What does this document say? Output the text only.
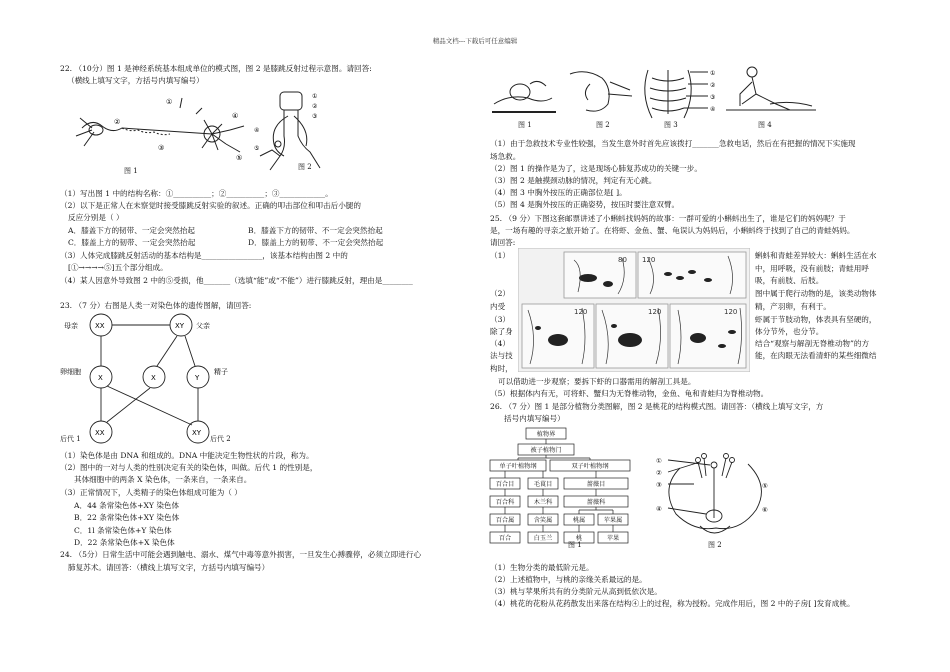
精品文档---下载后可任意编辑
22. （10分）图 1 是神经系统基本组成单位的模式图，图 2 是膝跳反射过程示意图。请回答:
（横线上填写文字，方括号内填写编号）
①
②
③
④
⑤
图 1
①
②
③
④
⑤
图 2
（1）写出图 1 中的结构名称：①__________；②__________；③____________。
（2）以下是正常人在未察觉时接受膝跳反射实验的叙述。正确的叩击部位和叩击后小腿的
反应分别是（ ）
A．膝盖下方的韧带、一定会突然抬起	B．膝盖下方的韧带、不一定会突然抬起
C．膝盖上方的韧带、一定会突然抬起	D．膝盖上方的韧带、不一定会突然抬起
（3）人体完成膝跳反射活动的基本结构是________________，该基本结构由图 2 中的
[①→→→→⑤]五个部分组成。
（4）某人因意外导致图 2 中的⑤受损，他_______（选填“能”或“不能”）进行膝跳反射，理由是________
23. （7 分）右图是人类一对染色体的遗传图解，请回答:
母亲 XX	XY 父亲
卵细胞
X	X	Y
精子
XX	XY
后代 1	后代 2
（1）染色体是由 DNA 和组成的。DNA 中能决定生物性状的片段，称为。
（2）图中的一对与人类的性别决定有关的染色体，叫做。后代 1 的性别是，
其体细胞中的两条 X 染色体，一条来自，一条来自。
（3）正常情况下，人类精子的染色体组成可能为（ ）
A．44 条常染色体+XY 染色体
B．22 条常染色体+XY 染色体
C．1l 条常染色体+Y 染色体
D．22 条常染色体+X 染色体
24. （5分）日常生活中可能会遇到触电、溺水、煤气中毒等意外损害，一旦发生心搏骤停，必须立即进行心
肺复苏术。请回答：（横线上填写文字，方括号内填写编号）
①
②
③
④
图 1	图 2	图 3	图 4
（1）由于急救技术专业性较强，当发生意外时首先应该拨打_______急救电话，然后在有把握的情况下实施现
场急救。
（2）图 1 的操作是为了，这是现场心肺复苏成功的关键一步。
（3）图 2 是触摸颈动脉的情况，判定有无心跳。
（4）图 3 中胸外按压的正确部位是[ ]。
（5）图 4 是胸外按压的正确姿势，按压时要注意双臂。
25. （9 分）下图这套邮票讲述了小蝌蚪找妈妈的故事：一群可爱的小蝌蚪出生了，谁是它们的妈妈呢？于
是，一场有趣的寻亲之旅开始了。在将虾、金鱼、蟹、龟误认为妈妈后，小蝌蚪终于找到了自己的青蛙妈妈。
请回答:
（1）
（2）
内受
（3）
除了身
（4）
法与技
构时，
80 120
120	120	120
蝌蚪和青蛙差异较大：蝌蚪生活在水
中，用呼吸，没有前肢；青蛙用呼
吸，有前肢、后肢。
图中属于爬行动物的是，该类动物体
精，产羽卵，有利于。
虾属于节肢动物，体表具有坚硬的，
体分节外，也分节。
结合“观察与解剖无脊椎动物”的方
能，在肉眼无法看清虾的某些细微结
可以借助进一步观察；要拆下虾的口器需用的解剖工具是。
（5）根据体内有无，可将虾、蟹归为无脊椎动物，金鱼、龟和青蛙归为脊椎动物。
26. （7 分）图 1 是部分植物分类图解，图 2 是桃花的结构模式图。请回答：（横线上填写文字，方
括号内填写编号）
植物界
被子植物门
单子叶植物纲	双子叶植物纲
百合目	毛茛目	蔷薇目
百合科	木兰科	蔷薇科
百合属	含笑属	桃属	苹果属
百合	白玉兰	桃	苹果
图 1
①
②
③
④
⑤
⑥
图 2
（1）生物分类的最低阶元是。
（2）上述植物中，与桃的亲缘关系最远的是。
（3）桃与苹果所共有的分类阶元从高到低依次是。
（4）桃花的花粉从花药散发出来落在结构④上的过程，称为授粉。完成作用后，图 2 中的子房[ ]发育成桃。
